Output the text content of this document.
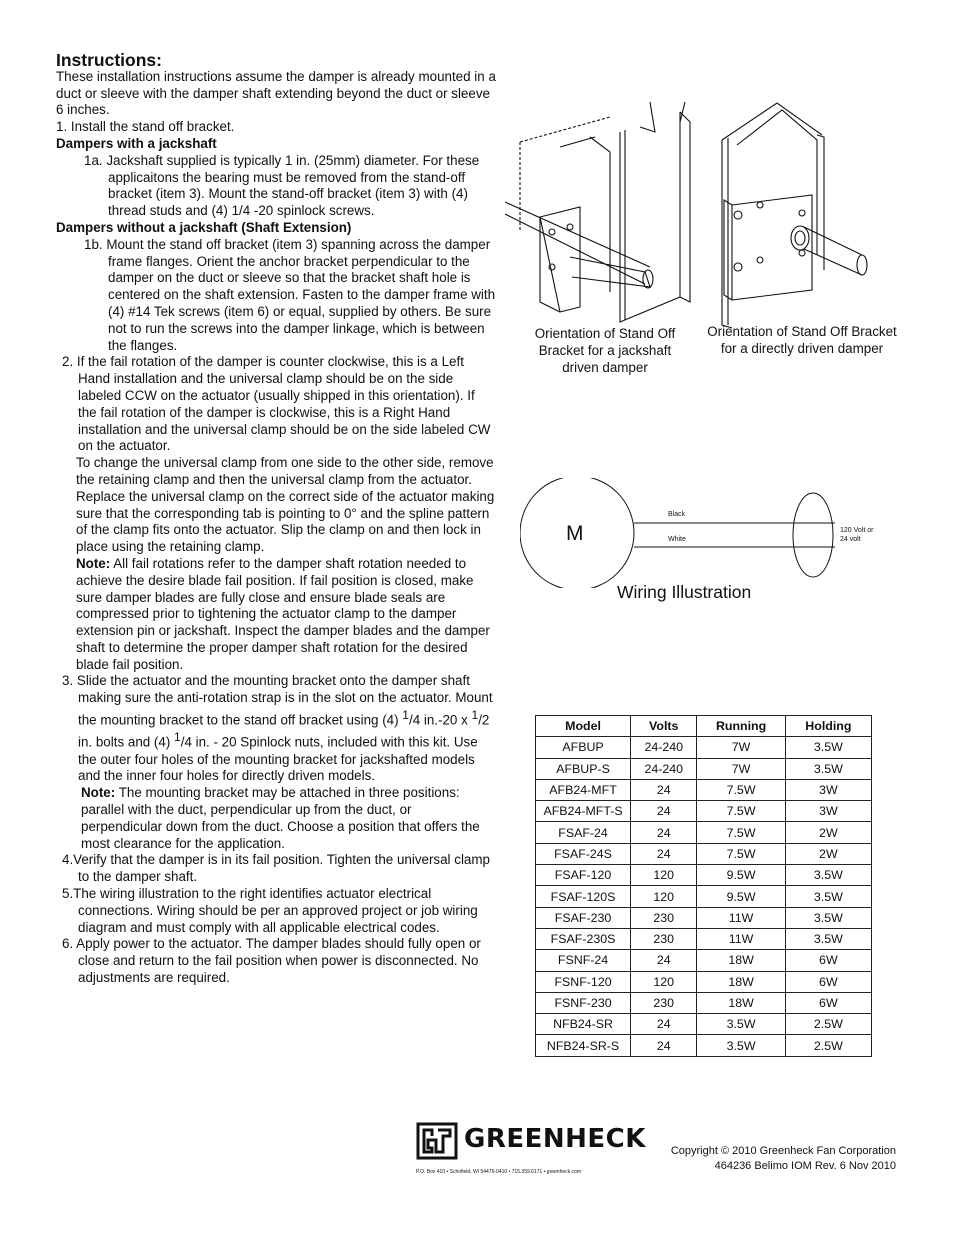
Instructions:

These installation instructions assume the damper is already mounted in a duct or sleeve with the damper shaft extending beyond the duct or sleeve 6 inches.

1. Install the stand off bracket.

Dampers with a jackshaft

1a. Jackshaft supplied is typically 1 in. (25mm) diameter. For these applicaitons the bearing must be removed from the stand-off bracket (item 3). Mount the stand-off bracket (item 3) with (4) thread studs and (4) 1/4 -20 spinlock screws.

Dampers without a jackshaft (Shaft Extension)

1b. Mount the stand off bracket (item 3) spanning across the damper frame flanges. Orient the anchor bracket perpendicular to the damper on the duct or sleeve so that the bracket shaft hole is centered on the shaft extension. Fasten to the damper frame with (4) #14 Tek screws (item 6) or equal, supplied by others. Be sure not to run the screws into the damper linkage, which is between the flanges.

2. If the fail rotation of the damper is counter clockwise, this is a Left Hand installation and the universal clamp should be on the side labeled CCW on the actuator (usually shipped in this orientation). If the fail rotation of the damper is clockwise, this is a Right Hand installation and the universal clamp should be on the side labeled CW on the actuator.

To change the universal clamp from one side to the other side, remove the retaining clamp and then the universal clamp from the actuator. Replace the universal clamp on the correct side of the actuator making sure that the corresponding tab is pointing to 0° and the spline pattern of the clamp fits onto the actuator. Slip the clamp on and then lock in place using the retaining clamp.

Note: All fail rotations refer to the damper shaft rotation needed to achieve the desire blade fail position. If fail position is closed, make sure damper blades are fully close and ensure blade seals are compressed prior to tightening the actuator clamp to the damper extension pin or jackshaft. Inspect the damper blades and the damper shaft to determine the proper damper shaft rotation for the desired blade fail position.

3. Slide the actuator and the mounting bracket onto the damper shaft making sure the anti-rotation strap is in the slot on the actuator. Mount the mounting bracket to the stand off bracket using (4) $^1$/4 in.-20 x $^1$/2 in. bolts and (4) $^1$/4 in. - 20 Spinlock nuts, included with this kit. Use the outer four holes of the mounting bracket for jackshafted models and the inner four holes for directly driven models.

Note: The mounting bracket may be attached in three positions: parallel with the duct, perpendicular up from the duct, or perpendicular down from the duct. Choose a position that offers the most clearance for the application.

4.Verify that the damper is in its fail position. Tighten the universal clamp to the damper shaft.

5.The wiring illustration to the right identifies actuator electrical connections. Wiring should be per an approved project or job wiring diagram and must comply with all applicable electrical codes.

6. Apply power to the actuator. The damper blades should fully open or close and return to the fail position when power is disconnected. No adjustments are required.

Orientation of Stand Off Bracket for a jackshaft driven damper
Orientation of Stand Off Bracket for a directly driven damper
M
Black
White
120 Volt or
24 volt
Wiring Illustration
Model	Volts	Running	Holding
AFBUP	24-240	7W	3.5W
AFBUP-S	24-240	7W	3.5W
AFB24-MFT	24	7.5W	3W
AFB24-MFT-S	24	7.5W	3W
FSAF-24	24	7.5W	2W
FSAF-24S	24	7.5W	2W
FSAF-120	120	9.5W	3.5W
FSAF-120S	120	9.5W	3.5W
FSAF-230	230	11W	3.5W
FSAF-230S	230	11W	3.5W
FSNF-24	24	18W	6W
FSNF-120	120	18W	6W
FSNF-230	230	18W	6W
NFB24-SR	24	3.5W	2.5W
NFB24-SR-S	24	3.5W	2.5W
GREENHECK
P.O. Box 410 • Schofield, WI 54476-0410 • 715.359.6171 • greenheck.com
Copyright © 2010 Greenheck Fan Corporation
464236 Belimo IOM Rev. 6 Nov 2010
